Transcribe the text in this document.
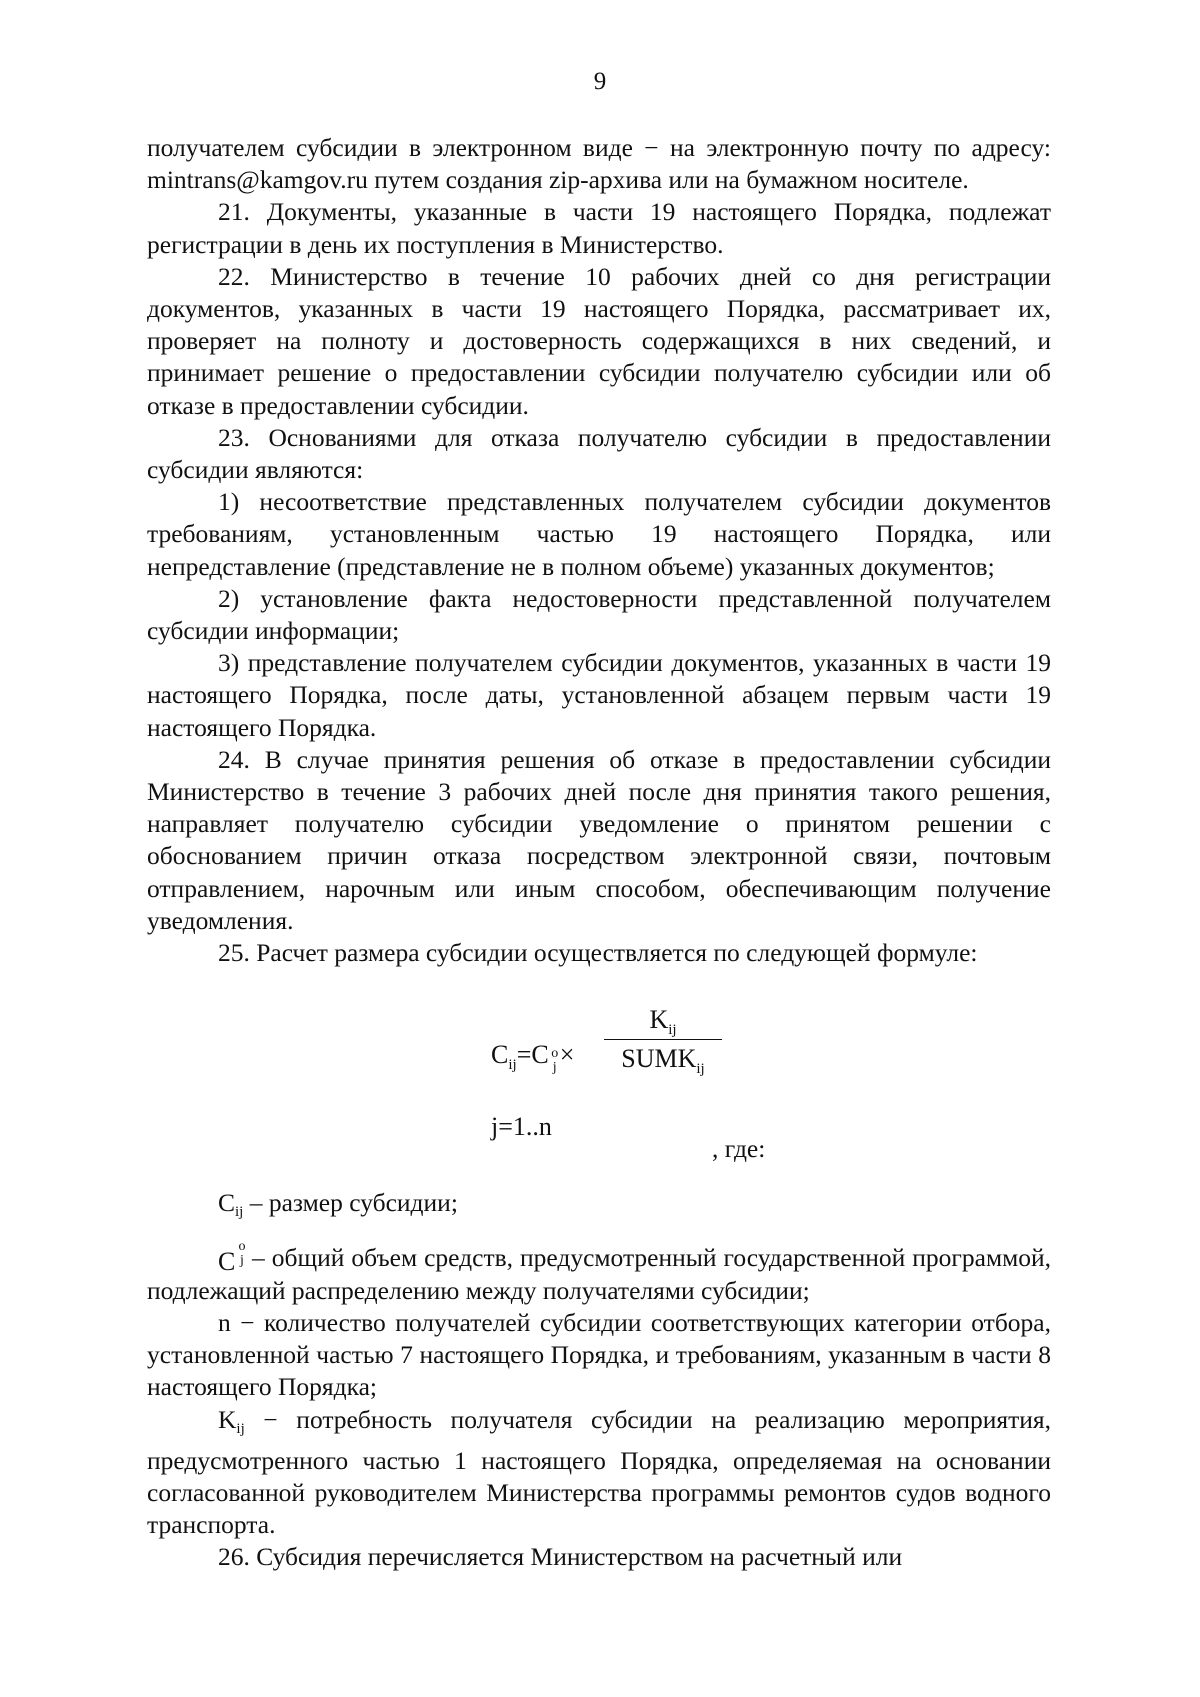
9

получателем субсидии в электронном виде − на электронную почту по адресу: mintrans@kamgov.ru путем создания zip-архива или на бумажном носителе.

21. Документы, указанные в части 19 настоящего Порядка, подлежат регистрации в день их поступления в Министерство.

22. Министерство в течение 10 рабочих дней со дня регистрации документов, указанных в части 19 настоящего Порядка, рассматривает их, проверяет на полноту и достоверность содержащихся в них сведений, и принимает решение о предоставлении субсидии получателю субсидии или об отказе в предоставлении субсидии.

23. Основаниями для отказа получателю субсидии в предоставлении субсидии являются:

1) несоответствие представленных получателем субсидии документов требованиям, установленным частью 19 настоящего Порядка, или непредставление (представление не в полном объеме) указанных документов;

2) установление факта недостоверности представленной получателем субсидии информации;

3) представление получателем субсидии документов, указанных в части 19 настоящего Порядка, после даты, установленной абзацем первым части 19 настоящего Порядка.

24. В случае принятия решения об отказе в предоставлении субсидии Министерство в течение 3 рабочих дней после дня принятия такого решения, направляет получателю субсидии уведомление о принятом решении с обоснованием причин отказа посредством электронной связи, почтовым отправлением, нарочным или иным способом, обеспечивающим получение уведомления.

25. Расчет размера субсидии осуществляется по следующей формуле:

$C_{ij}=C$ o
j ×
$K_{ij}$
$SUMK_{ij}$
j=1..n
, где:

Cij – размер субсидии;

C
o
j – общий объем средств, предусмотренный государственной программой, подлежащий распределению между получателями субсидии;

n − количество получателей субсидии соответствующих категории отбора, установленной частью 7 настоящего Порядка, и требованиям, указанным в части 8 настоящего Порядка;

Kij − потребность получателя субсидии на реализацию мероприятия, предусмотренного частью 1 настоящего Порядка, определяемая на основании согласованной руководителем Министерства программы ремонтов судов водного транспорта.

26. Субсидия перечисляется Министерством на расчетный или
